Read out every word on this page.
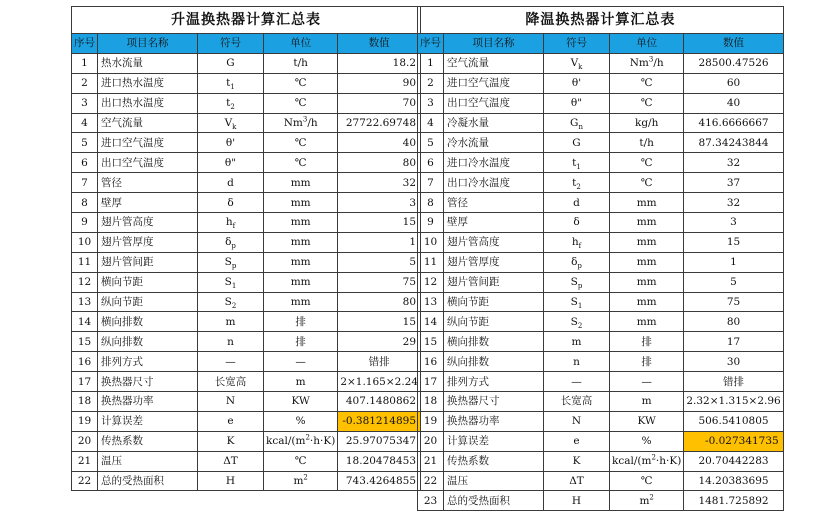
升温换热器计算汇总表				
序号	项目名称	符号	单位	数值
1	热水流量	G	t/h	18.2
2	进口热水温度	$t_1$	℃	90
3	出口热水温度	$t_2$	℃	70
4	空气流量	$V_k$	Nm$^3$/h	27722.69748
5	进口空气温度	θ'	℃	40
6	出口空气温度	θ"	℃	80
7	管径	d	mm	32
8	壁厚	δ	mm	3
9	翅片管高度	$h_f$	mm	15
10	翅片管厚度	$\delta_p$	mm	1
11	翅片管间距	$S_p$	mm	5
12	横向节距	$S_1$	mm	75
13	纵向节距	$S_2$	mm	80
14	横向排数	m	排	15
15	纵向排数	n	排	29
16	排列方式	—	—	错排
17	换热器尺寸	长宽高	m	2×1.165×2.24
18	换热器功率	N	KW	407.1480862
19	计算误差	e	%	-0.381214895
20	传热系数	K	kcal/$(m^2\cdot h\cdot K)$	25.97075347
21	温压	ΔT	℃	18.20478453
22	总的受热面积	H	$m^2$	743.4264855
降温换热器计算汇总表				
序号	项目名称	符号	单位	数值
1	空气流量	$V_k$	Nm$^3$/h	28500.47526
2	进口空气温度	θ'	℃	60
3	出口空气温度	θ"	℃	40
4	冷凝水量	$G_n$	kg/h	416.6666667
5	冷水流量	G	t/h	87.34243844
6	进口冷水温度	$t_1$	℃	32
7	出口冷水温度	$t_2$	℃	37
8	管径	d	mm	32
9	壁厚	δ	mm	3
10	翅片管高度	$h_f$	mm	15
11	翅片管厚度	$\delta_p$	mm	1
12	翅片管间距	$S_p$	mm	5
13	横向节距	$S_1$	mm	75
14	纵向节距	$S_2$	mm	80
15	横向排数	m	排	17
16	纵向排数	n	排	30
17	排列方式	—	—	错排
18	换热器尺寸	长宽高	m	2.32×1.315×2.96
19	换热器功率	N	KW	506.5410805
20	计算误差	e	%	-0.027341735
21	传热系数	K	kcal/$(m^2\cdot h\cdot K)$	20.70442283
22	温压	ΔT	℃	14.20383695
23	总的受热面积	H	$m^2$	1481.725892
